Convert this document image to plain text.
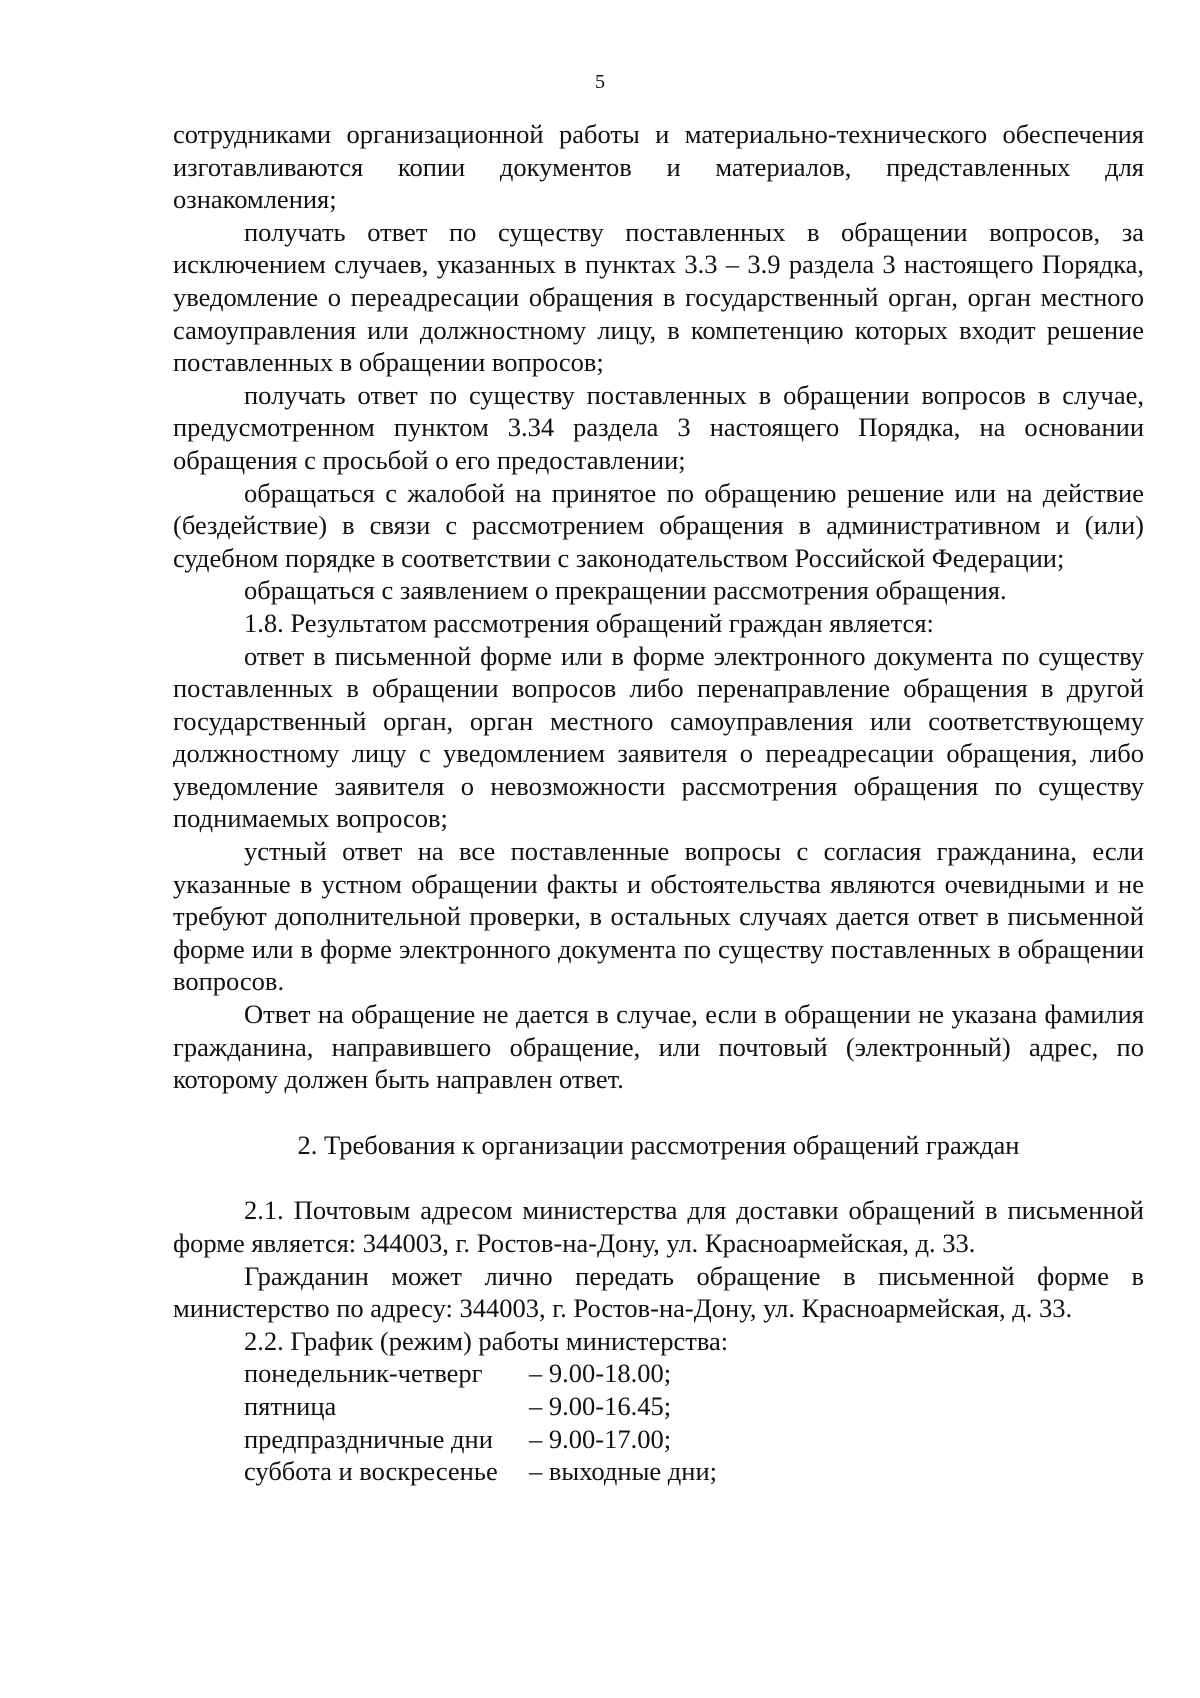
5

сотрудниками организационной работы и материально-технического обеспечения изготавливаются копии документов и материалов, представленных для ознакомления;

получать ответ по существу поставленных в обращении вопросов, за исключением случаев, указанных в пунктах 3.3 – 3.9 раздела 3 настоящего Порядка, уведомление о переадресации обращения в государственный орган, орган местного самоуправления или должностному лицу, в компетенцию которых входит решение поставленных в обращении вопросов;

получать ответ по существу поставленных в обращении вопросов в случае, предусмотренном пунктом 3.34 раздела 3 настоящего Порядка, на основании обращения с просьбой о его предоставлении;

обращаться с жалобой на принятое по обращению решение или на действие (бездействие) в связи с рассмотрением обращения в административном и (или) судебном порядке в соответствии с законодательством Российской Федерации;

обращаться с заявлением о прекращении рассмотрения обращения.

1.8. Результатом рассмотрения обращений граждан является:

ответ в письменной форме или в форме электронного документа по существу поставленных в обращении вопросов либо перенаправление обращения в другой государственный орган, орган местного самоуправления или соответствующему должностному лицу с уведомлением заявителя о переадресации обращения, либо уведомление заявителя о невозможности рассмотрения обращения по существу поднимаемых вопросов;

устный ответ на все поставленные вопросы с согласия гражданина, если указанные в устном обращении факты и обстоятельства являются очевидными и не требуют дополнительной проверки, в остальных случаях дается ответ в письменной форме или в форме электронного документа по существу поставленных в обращении вопросов.

Ответ на обращение не дается в случае, если в обращении не указана фамилия гражданина, направившего обращение, или почтовый (электронный) адрес, по которому должен быть направлен ответ.

2. Требования к организации рассмотрения обращений граждан

2.1. Почтовым адресом министерства для доставки обращений в письменной форме является: 344003, г. Ростов-на-Дону, ул. Красноармейская, д. 33.

Гражданин может лично передать обращение в письменной форме в министерство по адресу: 344003, г. Ростов-на-Дону, ул. Красноармейская, д. 33.

2.2. График (режим) работы министерства:

понедельник-четверг	– 9.00-18.00;
пятница	– 9.00-16.45;
предпраздничные дни	– 9.00-17.00;
суббота и воскресенье	– выходные дни;
